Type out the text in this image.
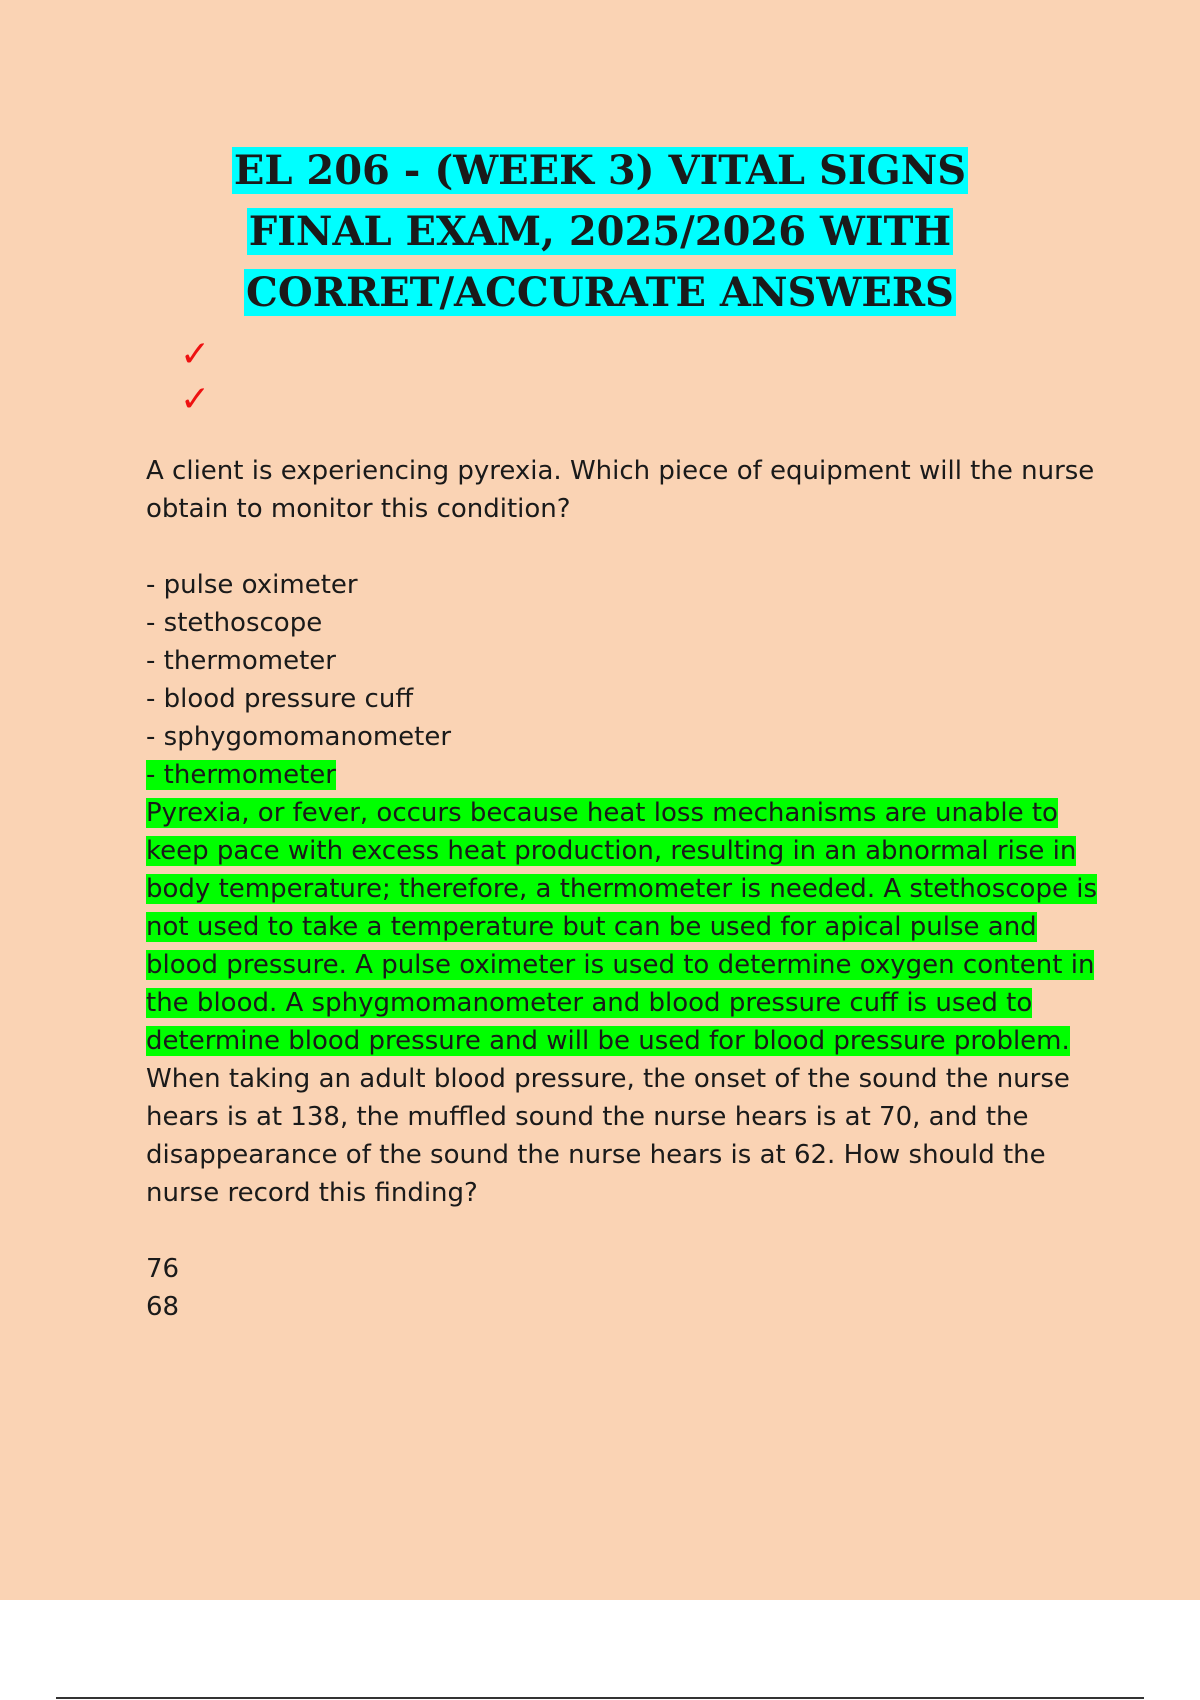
EL 206 - (WEEK 3) VITAL SIGNS
FINAL EXAM, 2025/2026 WITH
CORRET/ACCURATE ANSWERS
✓
✓

A client is experiencing pyrexia. Which piece of equipment will the nurse obtain to monitor this condition?

- pulse oximeter

- stethoscope

- thermometer

- blood pressure cuff

- sphygomomanometer

- thermometer

Pyrexia, or fever, occurs because heat loss mechanisms are unable to keep pace with excess heat production, resulting in an abnormal rise in body temperature; therefore, a thermometer is needed. A stethoscope is not used to take a temperature but can be used for apical pulse and blood pressure. A pulse oximeter is used to determine oxygen content in the blood. A sphygmomanometer and blood pressure cuff is used to determine blood pressure and will be used for blood pressure problem.

When taking an adult blood pressure, the onset of the sound the nurse hears is at 138, the muffled sound the nurse hears is at 70, and the disappearance of the sound the nurse hears is at 62. How should the nurse record this finding?

76

68
